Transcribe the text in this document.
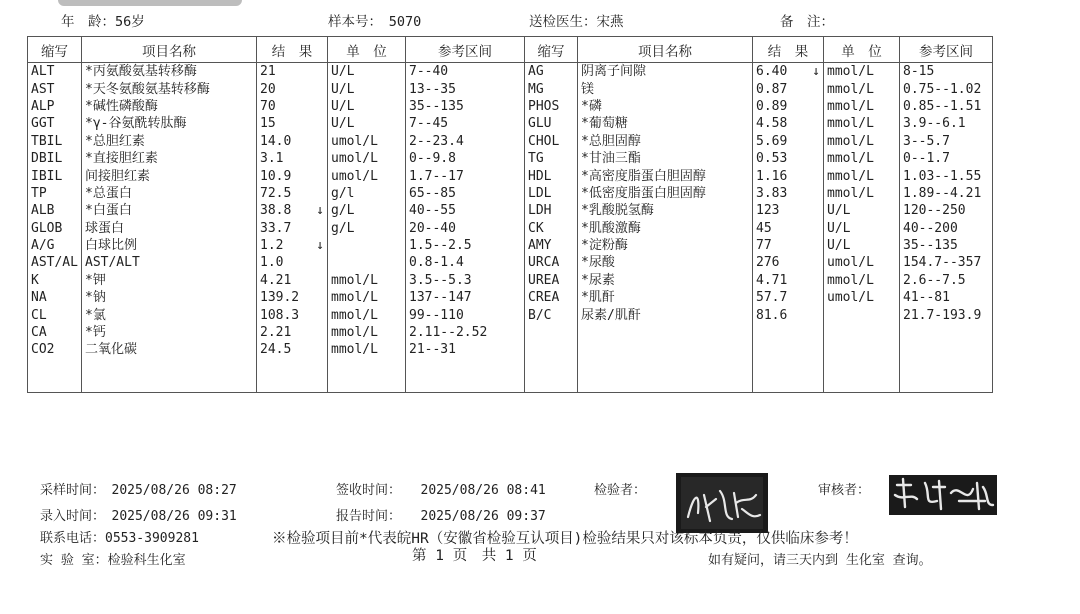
年　龄：56岁	样本号：　5070	送检医生：宋燕	备　注：
缩写	项目名称	结　果	单　位	参考区间	缩写	项目名称	结　果	单　位	参考区间
ALT	*丙氨酸氨基转移酶	21	U/L	7--40	AG	阴离子间隙	6.40 ↓	mmol/L	8-15
AST	*天冬氨酸氨基转移酶	20	U/L	13--35	MG	镁	0.87	mmol/L	0.75--1.02
ALP	*碱性磷酸酶	70	U/L	35--135	PHOS	*磷	0.89	mmol/L	0.85--1.51
GGT	*γ-谷氨酰转肽酶	15	U/L	7--45	GLU	*葡萄糖	4.58	mmol/L	3.9--6.1
TBIL	*总胆红素	14.0	umol/L	2--23.4	CHOL	*总胆固醇	5.69	mmol/L	3--5.7
DBIL	*直接胆红素	3.1	umol/L	0--9.8	TG	*甘油三酯	0.53	mmol/L	0--1.7
IBIL	间接胆红素	10.9	umol/L	1.7--17	HDL	*高密度脂蛋白胆固醇	1.16	mmol/L	1.03--1.55
TP	*总蛋白	72.5	g/l	65--85	LDL	*低密度脂蛋白胆固醇	3.83	mmol/L	1.89--4.21
ALB	*白蛋白	38.8 ↓	g/L	40--55	LDH	*乳酸脱氢酶	123	U/L	120--250
GLOB	球蛋白	33.7	g/L	20--40	CK	*肌酸激酶	45	U/L	40--200
A/G	白球比例	1.2 ↓		1.5--2.5	AMY	*淀粉酶	77	U/L	35--135
AST/AL	AST/ALT	1.0		0.8-1.4	URCA	*尿酸	276	umol/L	154.7--357
K	*钾	4.21	mmol/L	3.5--5.3	UREA	*尿素	4.71	mmol/L	2.6--7.5
NA	*钠	139.2	mmol/L	137--147	CREA	*肌酐	57.7	umol/L	41--81
CL	*氯	108.3	mmol/L	99--110	B/C	尿素/肌酐	81.6		21.7-193.9
CA	*钙	2.21	mmol/L	2.11--2.52			

CO2	二氧化碳	24.5	mmol/L	21--31			

采样时间：　2025/08/26 08:27	签收时间：　　2025/08/26 08:41	检验者：	审核者：
录入时间：　2025/08/26 09:31	报告时间：　　2025/08/26 09:37
联系电话：0553-3909281	※检验项目前*代表皖HR（安徽省检验互认项目)检验结果只对该标本负责，仅供临床参考！
实 验 室：检验科生化室	第 1 页　共 1 页	如有疑问，请三天内到 生化室 查询。
